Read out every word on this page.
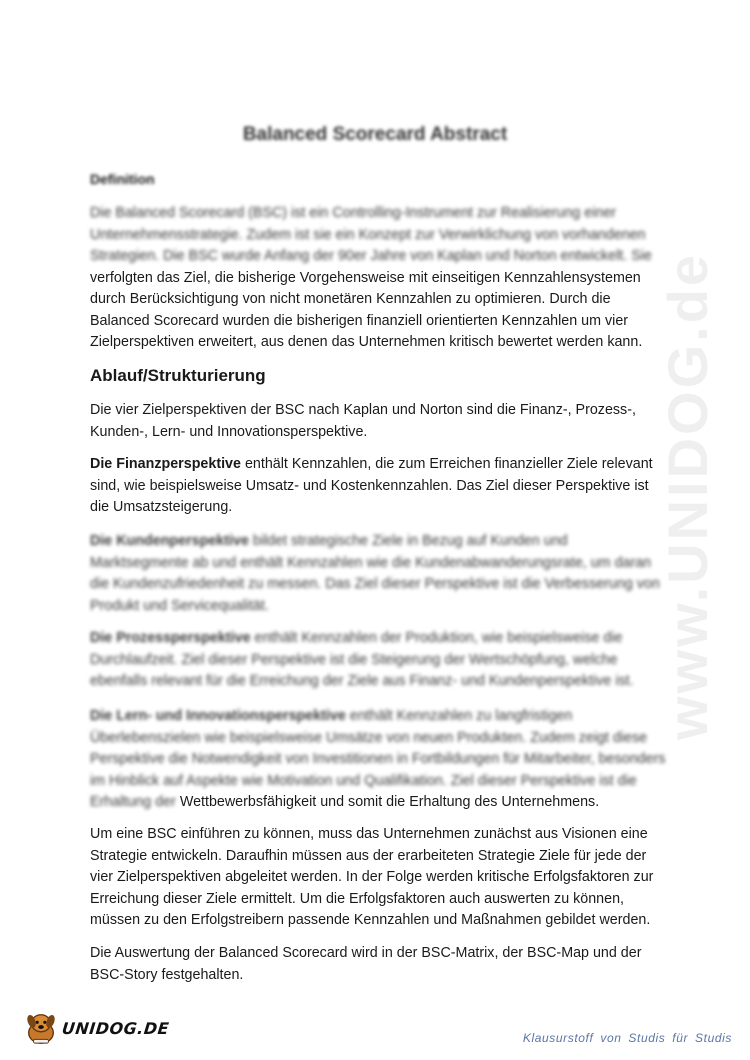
www.UNIDOG.de
Balanced Scorecard Abstract
Definition

Die Balanced Scorecard (BSC) ist ein Controlling-Instrument zur Realisierung einer Unternehmensstrategie. Zudem ist sie ein Konzept zur Verwirklichung von vorhandenen Strategien. Die BSC wurde Anfang der 90er Jahre von Kaplan und Norton entwickelt. Sie verfolgten das Ziel, die bisherige Vorgehensweise mit einseitigen Kennzahlensystemen durch Berücksichtigung von nicht monetären Kennzahlen zu optimieren. Durch die Balanced Scorecard wurden die bisherigen finanziell orientierten Kennzahlen um vier Zielperspektiven erweitert, aus denen das Unternehmen kritisch bewertet werden kann.

Ablauf/Strukturierung

Die vier Zielperspektiven der BSC nach Kaplan und Norton sind die Finanz-, Prozess-, Kunden-, Lern- und Innovationsperspektive.

Die Finanzperspektive enthält Kennzahlen, die zum Erreichen finanzieller Ziele relevant sind, wie beispielsweise Umsatz- und Kostenkennzahlen. Das Ziel dieser Perspektive ist die Umsatzsteigerung.

Die Kundenperspektive bildet strategische Ziele in Bezug auf Kunden und Marktsegmente ab und enthält Kennzahlen wie die Kundenabwanderungsrate, um daran die Kundenzufriedenheit zu messen. Das Ziel dieser Perspektive ist die Verbesserung von Produkt und Servicequalität.

Die Prozessperspektive enthält Kennzahlen der Produktion, wie beispielsweise die Durchlaufzeit. Ziel dieser Perspektive ist die Steigerung der Wertschöpfung, welche ebenfalls relevant für die Erreichung der Ziele aus Finanz- und Kundenperspektive ist.

Die Lern- und Innovationsperspektive enthält Kennzahlen zu langfristigen Überlebenszielen wie beispielsweise Umsätze von neuen Produkten. Zudem zeigt diese Perspektive die Notwendigkeit von Investitionen in Fortbildungen für Mitarbeiter, besonders im Hinblick auf Aspekte wie Motivation und Qualifikation. Ziel dieser Perspektive ist die Erhaltung der Wettbewerbsfähigkeit und somit die Erhaltung des Unternehmens.

Um eine BSC einführen zu können, muss das Unternehmen zunächst aus Visionen eine Strategie entwickeln. Daraufhin müssen aus der erarbeiteten Strategie Ziele für jede der vier Zielperspektiven abgeleitet werden. In der Folge werden kritische Erfolgsfaktoren zur Erreichung dieser Ziele ermittelt. Um die Erfolgsfaktoren auch auswerten zu können, müssen zu den Erfolgstreibern passende Kennzahlen und Maßnahmen gebildet werden.

Die Auswertung der Balanced Scorecard wird in der BSC-Matrix, der BSC-Map und der BSC-Story festgehalten.

UNIDOG.DE
Klausurstoff von Studis für Studis
